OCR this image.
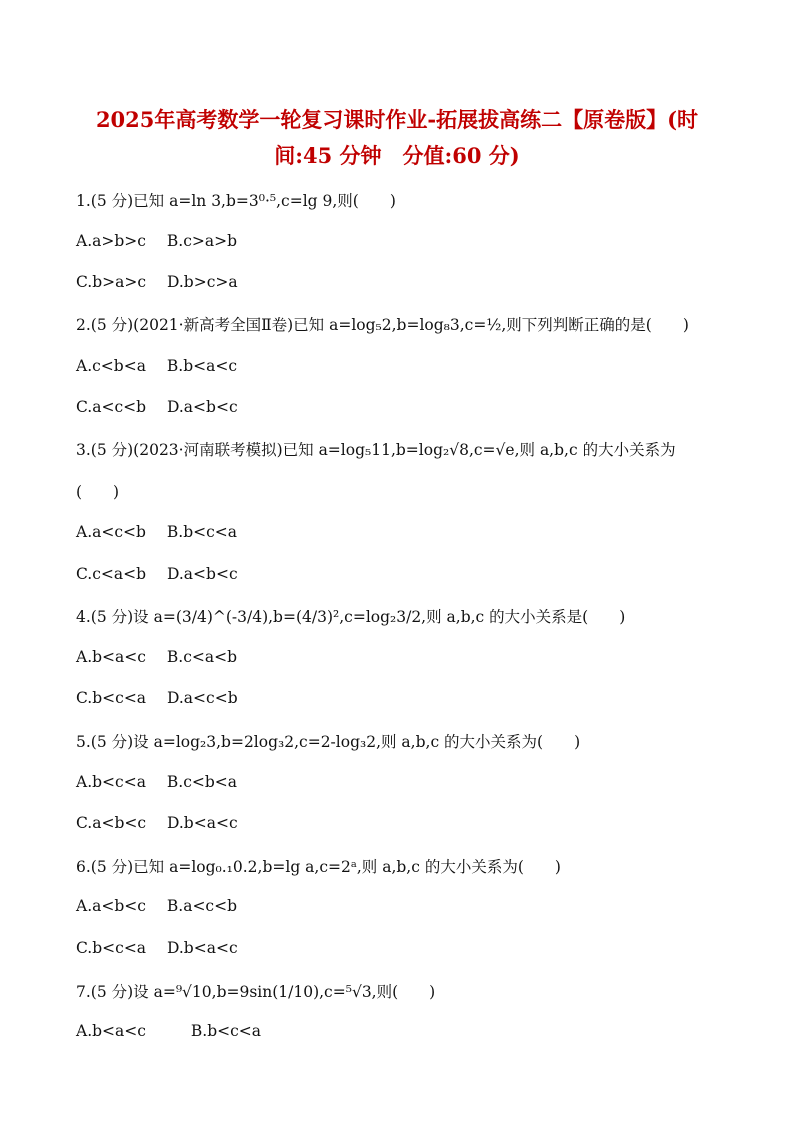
2025年高考数学一轮复习课时作业-拓展拔高练二【原卷版】(时
间:45 分钟　分值:60 分)
1.(5 分)已知 a=ln 3,b=3⁰·⁵,c=lg 9,则(　　)
A.a>b>c B.c>a>b
C.b>a>c D.b>c>a
2.(5 分)(2021·新高考全国Ⅱ卷)已知 a=log₅2,b=log₈3,c=½,则下列判断正确的是(　　)
A.c<b<a B.b<a<c
C.a<c<b D.a<b<c
3.(5 分)(2023·河南联考模拟)已知 a=log₅11,b=log₂√8,c=√e,则 a,b,c 的大小关系为
(　　)
A.a<c<b B.b<c<a
C.c<a<b D.a<b<c
4.(5 分)设 a=(3/4)^(-3/4),b=(4/3)²,c=log₂3/2,则 a,b,c 的大小关系是(　　)
A.b<a<c B.c<a<b
C.b<c<a D.a<c<b
5.(5 分)设 a=log₂3,b=2log₃2,c=2-log₃2,则 a,b,c 的大小关系为(　　)
A.b<c<a B.c<b<a
C.a<b<c D.b<a<c
6.(5 分)已知 a=log₀.₁0.2,b=lg a,c=2ᵃ,则 a,b,c 的大小关系为(　　)
A.a<b<c B.a<c<b
C.b<c<a D.b<a<c
7.(5 分)设 a=⁹√10,b=9sin(1/10),c=⁵√3,则(　　)
A.b<a<c	B.b<c<a
